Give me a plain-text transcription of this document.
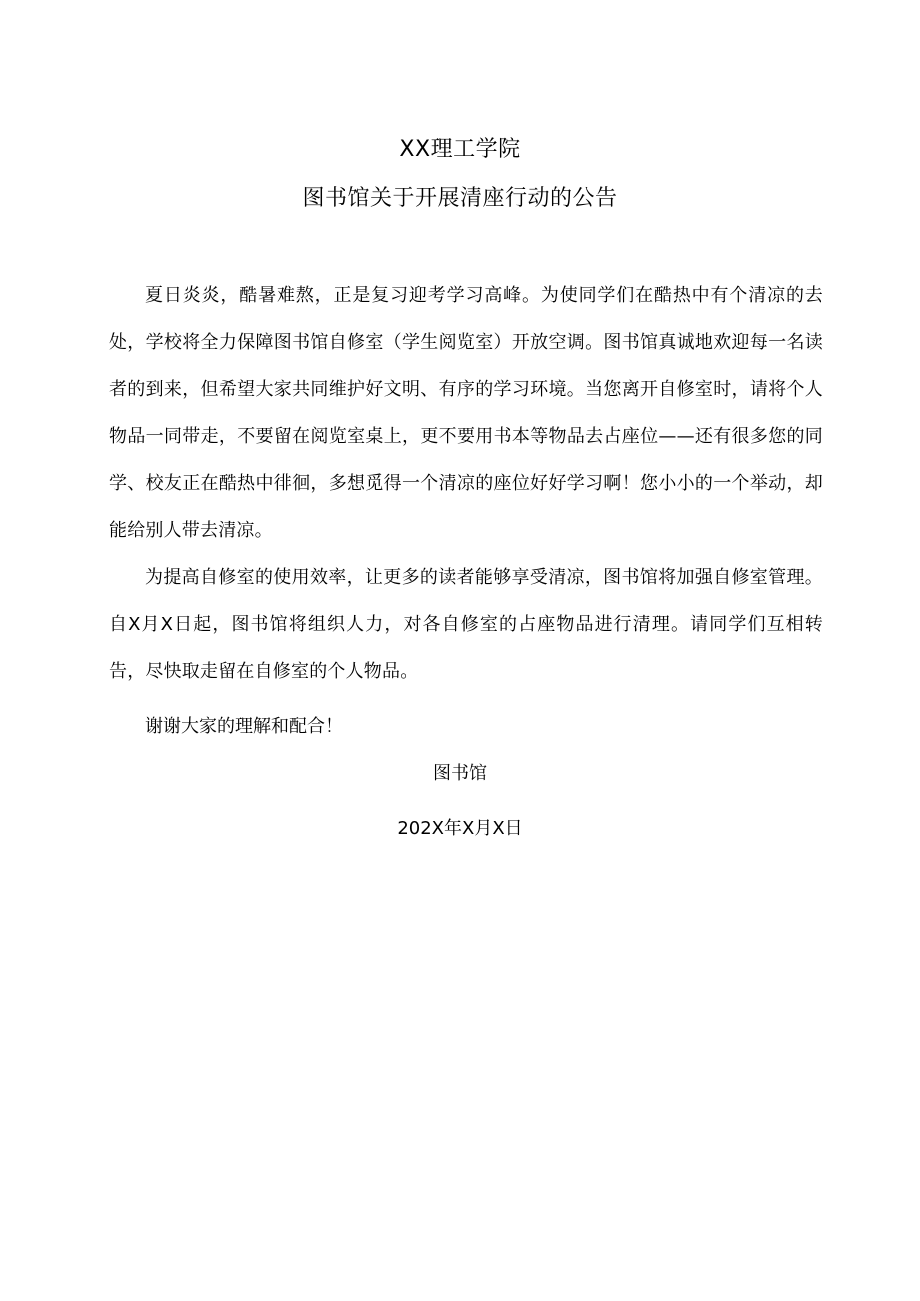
XX理工学院
图书馆关于开展清座行动的公告

夏日炎炎，酷暑难熬，正是复习迎考学习高峰。为使同学们在酷热中有个清凉的去处，学校将全力保障图书馆自修室（学生阅览室）开放空调。图书馆真诚地欢迎每一名读者的到来，但希望大家共同维护好文明、有序的学习环境。当您离开自修室时，请将个人物品一同带走，不要留在阅览室桌上，更不要用书本等物品去占座位——还有很多您的同学、校友正在酷热中徘徊，多想觅得一个清凉的座位好好学习啊！您小小的一个举动，却能给别人带去清凉。

为提高自修室的使用效率，让更多的读者能够享受清凉，图书馆将加强自修室管理。自X月X日起，图书馆将组织人力，对各自修室的占座物品进行清理。请同学们互相转告，尽快取走留在自修室的个人物品。

谢谢大家的理解和配合！
图书馆
202X年X月X日
